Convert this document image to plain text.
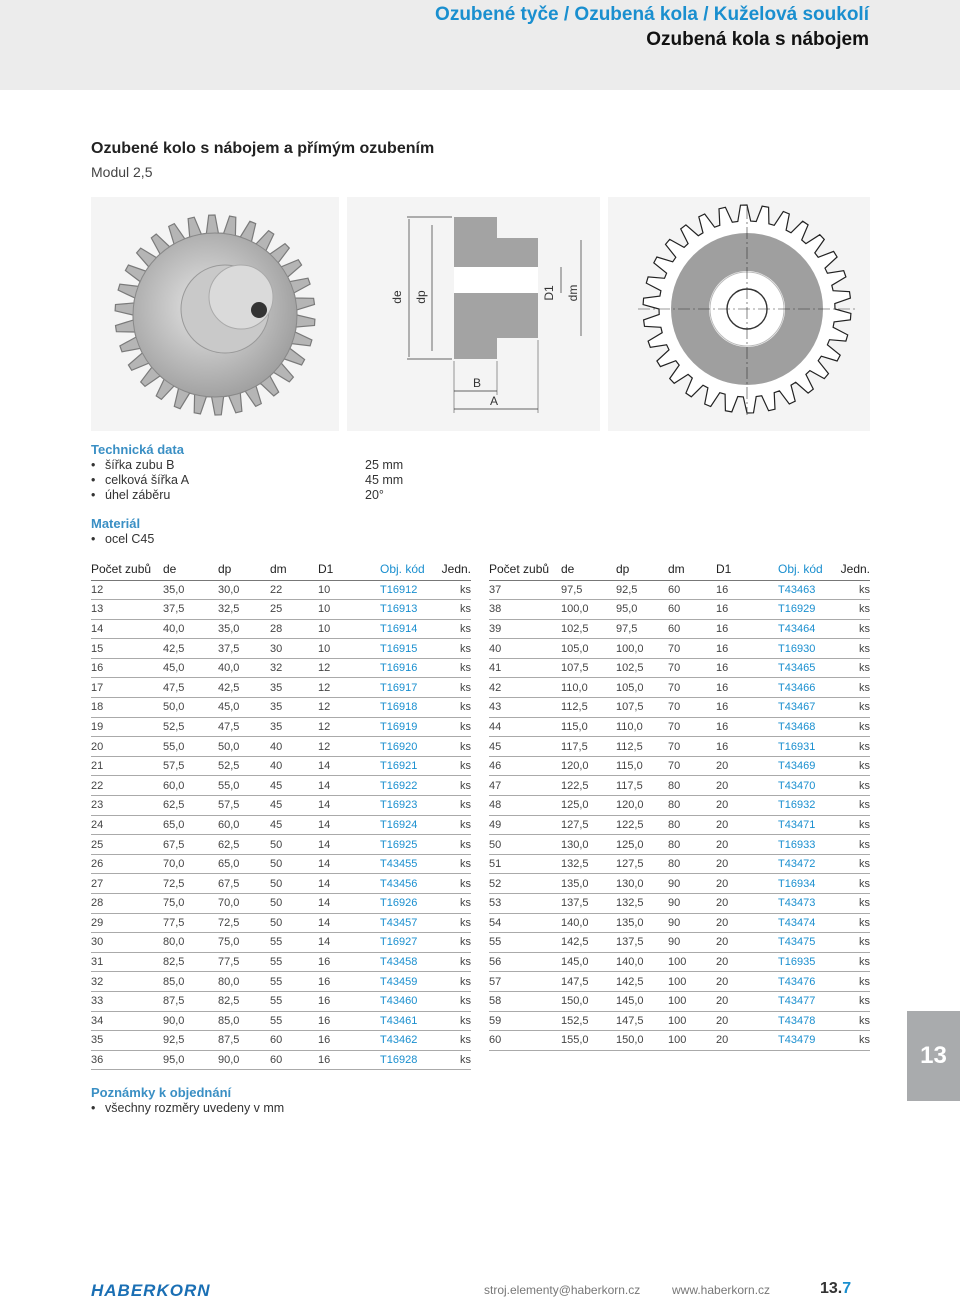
Ozubené tyče / Ozubená kola / Kuželová soukolí
Ozubená kola s nábojem
Ozubené kolo s nábojem a přímým ozubením
Modul 2,5
de dp	D1 dm
B
A
Technická data
• šířka zubu B	25 mm
• celková šířka A	45 mm
• úhel záběru	20°
Materiál
• ocel C45
Počet zubů	de	dp	dm	D1	Obj. kód	Jedn.
12	35,0	30,0	22	10	T16912	ks
13	37,5	32,5	25	10	T16913	ks
14	40,0	35,0	28	10	T16914	ks
15	42,5	37,5	30	10	T16915	ks
16	45,0	40,0	32	12	T16916	ks
17	47,5	42,5	35	12	T16917	ks
18	50,0	45,0	35	12	T16918	ks
19	52,5	47,5	35	12	T16919	ks
20	55,0	50,0	40	12	T16920	ks
21	57,5	52,5	40	14	T16921	ks
22	60,0	55,0	45	14	T16922	ks
23	62,5	57,5	45	14	T16923	ks
24	65,0	60,0	45	14	T16924	ks
25	67,5	62,5	50	14	T16925	ks
26	70,0	65,0	50	14	T43455	ks
27	72,5	67,5	50	14	T43456	ks
28	75,0	70,0	50	14	T16926	ks
29	77,5	72,5	50	14	T43457	ks
30	80,0	75,0	55	14	T16927	ks
31	82,5	77,5	55	16	T43458	ks
32	85,0	80,0	55	16	T43459	ks
33	87,5	82,5	55	16	T43460	ks
34	90,0	85,0	55	16	T43461	ks
35	92,5	87,5	60	16	T43462	ks
36	95,0	90,0	60	16	T16928	ks
Počet zubů	de	dp	dm	D1	Obj. kód	Jedn.
37	97,5	92,5	60	16	T43463	ks
38	100,0	95,0	60	16	T16929	ks
39	102,5	97,5	60	16	T43464	ks
40	105,0	100,0	70	16	T16930	ks
41	107,5	102,5	70	16	T43465	ks
42	110,0	105,0	70	16	T43466	ks
43	112,5	107,5	70	16	T43467	ks
44	115,0	110,0	70	16	T43468	ks
45	117,5	112,5	70	16	T16931	ks
46	120,0	115,0	70	20	T43469	ks
47	122,5	117,5	80	20	T43470	ks
48	125,0	120,0	80	20	T16932	ks
49	127,5	122,5	80	20	T43471	ks
50	130,0	125,0	80	20	T16933	ks
51	132,5	127,5	80	20	T43472	ks
52	135,0	130,0	90	20	T16934	ks
53	137,5	132,5	90	20	T43473	ks
54	140,0	135,0	90	20	T43474	ks
55	142,5	137,5	90	20	T43475	ks
56	145,0	140,0	100	20	T16935	ks
57	147,5	142,5	100	20	T43476	ks
58	150,0	145,0	100	20	T43477	ks
59	152,5	147,5	100	20	T43478	ks
60	155,0	150,0	100	20	T43479	ks
13
Poznámky k objednání
• všechny rozměry uvedeny v mm
HABERKORN	stroj.elementy@haberkorn.cz	www.haberkorn.cz	13.7
